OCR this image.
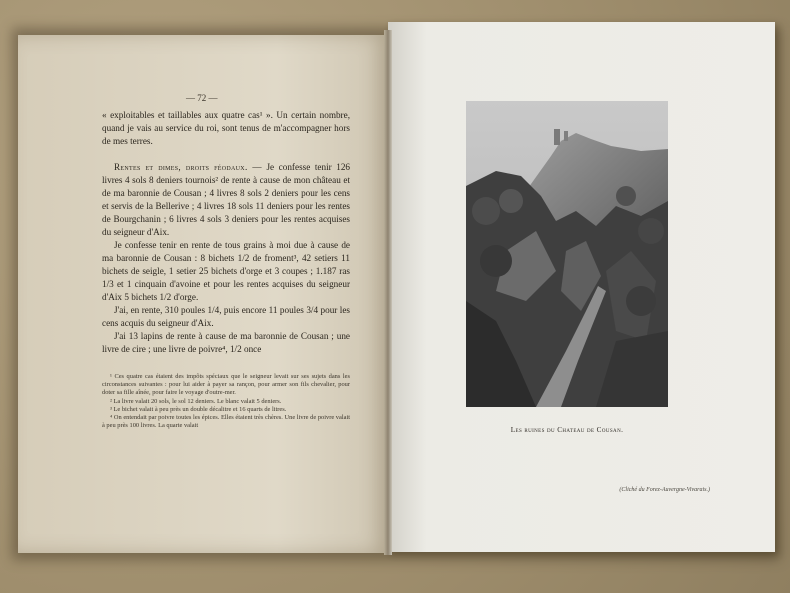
— 72 —

« exploitables et taillables aux quatre cas¹ ». Un certain nombre, quand je vais au service du roi, sont tenus de m'accompagner hors de mes terres.

Rentes et dimes, droits féodaux. — Je confesse tenir 126 livres 4 sols 8 deniers tournois² de rente à cause de mon château et de ma baronnie de Cousan ; 4 livres 8 sols 2 deniers pour les cens et servis de la Bellerive ; 4 livres 18 sols 11 deniers pour les rentes de Bourgchanin ; 6 livres 4 sols 3 deniers pour les rentes acquises du seigneur d'Aix.

Je confesse tenir en rente de tous grains à moi due à cause de ma baronnie de Cousan : 8 bichets 1/2 de froment³, 42 setiers 11 bichets de seigle, 1 setier 25 bichets d'orge et 3 coupes ; 1.187 ras 1/3 et 1 cinquain d'avoine et pour les rentes acquises du seigneur d'Aix 5 bichets 1/2 d'orge.

J'ai, en rente, 310 poules 1/4, puis encore 11 poules 3/4 pour les cens acquis du seigneur d'Aix.

J'ai 13 lapins de rente à cause de ma baronnie de Cousan ; une livre de cire ; une livre de poivre⁴, 1/2 once

¹ Ces quatre cas étaient des impôts spéciaux que le seigneur levait sur ses sujets dans les circonstances suivantes : pour lui aider à payer sa rançon, pour armer son fils chevalier, pour doter sa fille aînée, pour faire le voyage d'outre-mer.

² La livre valait 20 sols, le sol 12 deniers. Le blanc valait 5 deniers.

³ Le bichet valait à peu près un double décalitre et 16 quarts de litres.

⁴ On entendait par poivre toutes les épices. Elles étaient très chères. Une livre de poivre valait à peu près 100 livres. La quarte valait

Les ruines du Chateau de Cousan.
(Cliché du Forez-Auvergne-Vivarais.)
